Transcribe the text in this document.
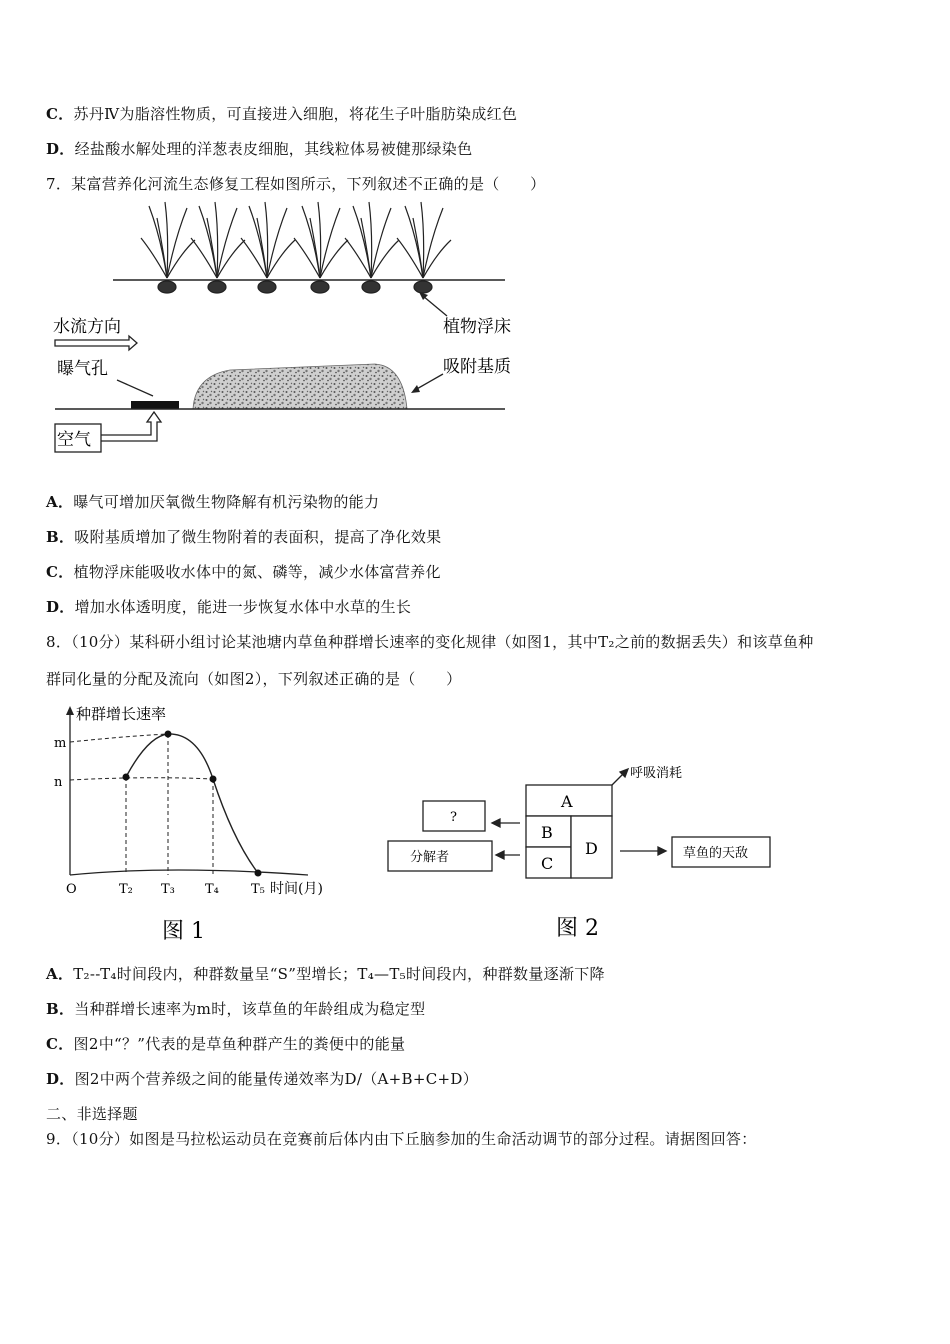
C．苏丹Ⅳ为脂溶性物质，可直接进入细胞，将花生子叶脂肪染成红色
D．经盐酸水解处理的洋葱表皮细胞，其线粒体易被健那绿染色
7．某富营养化河流生态修复工程如图所示，下列叙述不正确的是（　　）
植物浮床
水流方向
曝气孔	吸附基质
空气
A．曝气可增加厌氧微生物降解有机污染物的能力
B．吸附基质增加了微生物附着的表面积，提高了净化效果
C．植物浮床能吸收水体中的氮、磷等，减少水体富营养化
D．增加水体透明度，能进一步恢复水体中水草的生长
8．（10分）某科研小组讨论某池塘内草鱼种群增长速率的变化规律（如图1，其中T₂之前的数据丢失）和该草鱼种
群同化量的分配及流向（如图2），下列叙述正确的是（　　）
种群增长速率
m
n
O	T₂ T₃ T₄ T₅ 时间(月)
图 1
A
B
C
D
?
分解者	草鱼的天敌
呼吸消耗
图 2
A．T₂--T₄时间段内，种群数量呈“S”型增长；T₄—T₅时间段内，种群数量逐渐下降
B．当种群增长速率为m时，该草鱼的年龄组成为稳定型
C．图2中“？”代表的是草鱼种群产生的粪便中的能量
D．图2中两个营养级之间的能量传递效率为D/（A+B+C+D）
二、非选择题
9．（10分）如图是马拉松运动员在竞赛前后体内由下丘脑参加的生命活动调节的部分过程。请据图回答：
